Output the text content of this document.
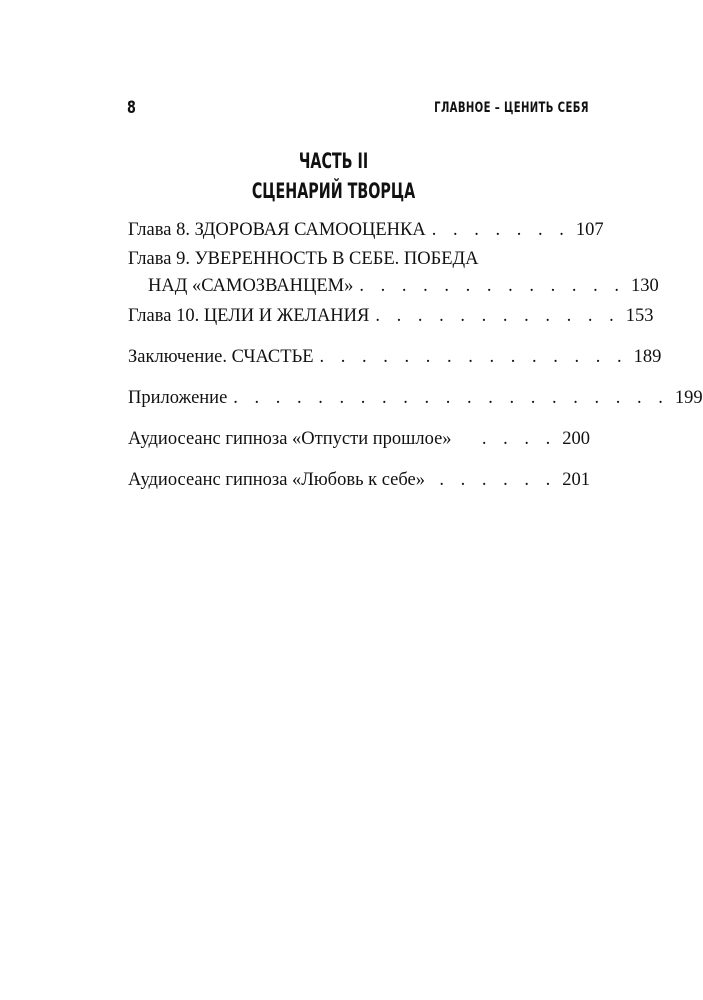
8	ГЛАВНОЕ – ЦЕНИТЬ СЕБЯ
ЧАСТЬ II
СЦЕНАРИЙ ТВОРЦА
Глава 8. ЗДОРОВАЯ САМООЦЕНКА . . . . . . . 107
Глава 9. УВЕРЕННОСТЬ В СЕБЕ. ПОБЕДА
НАД «САМОЗВАНЦЕМ» . . . . . . . . . . . . . 130
Глава 10. ЦЕЛИ И ЖЕЛАНИЯ . . . . . . . . . . . . 153
Заключение. СЧАСТЬЕ . . . . . . . . . . . . . . . 189
Приложение . . . . . . . . . . . . . . . . . . . . . 199
Аудиосеанс гипноза «Отпусти прошлое»	. . . . 200
Аудиосеанс гипноза «Любовь к себе» . . . . . . 201
